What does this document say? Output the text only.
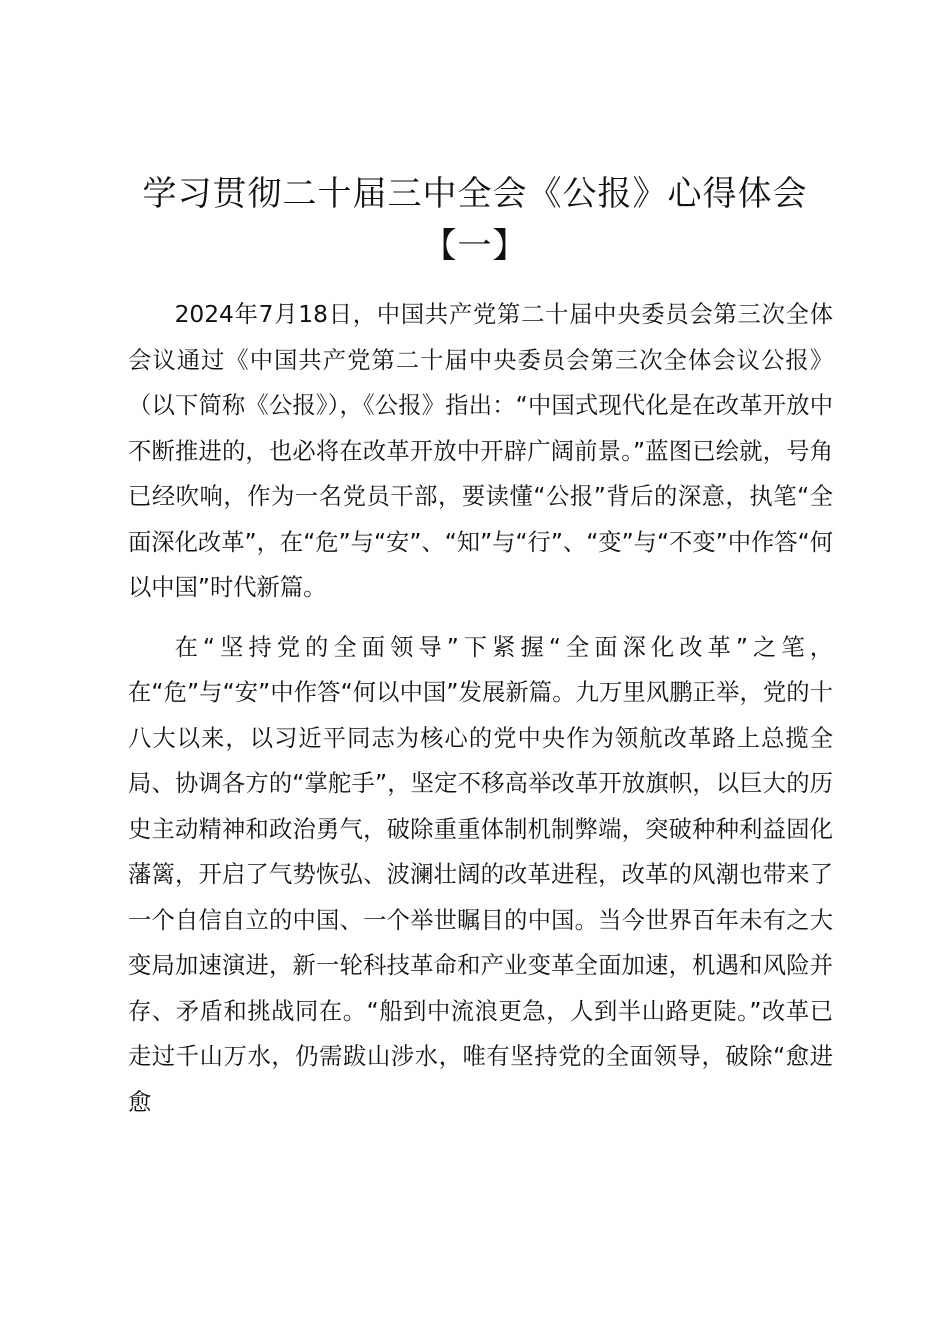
学习贯彻二十届三中全会《公报》心得体会
【一】

2024年7月18日，中国共产党第二十届中央委员会第三次全体会议通过《中国共产党第二十届中央委员会第三次全体会议公报》（以下简称《公报》），《公报》指出：“中国式现代化是在改革开放中不断推进的，也必将在改革开放中开辟广阔前景。”蓝图已绘就，号角已经吹响，作为一名党员干部，要读懂“公报”背后的深意，执笔“全面深化改革”，在“危”与“安”、“知”与“行”、“变”与“不变”中作答“何以中国”时代新篇。

在“坚持党的全面领导”下紧握“全面深化改革”之笔，在“危”与“安”中作答“何以中国”发展新篇。九万里风鹏正举，党的十八大以来，以习近平同志为核心的党中央作为领航改革路上总揽全局、协调各方的“掌舵手”，坚定不移高举改革开放旗帜，以巨大的历史主动精神和政治勇气，破除重重体制机制弊端，突破种种利益固化藩篱，开启了气势恢弘、波澜壮阔的改革进程，改革的风潮也带来了一个自信自立的中国、一个举世瞩目的中国。当今世界百年未有之大变局加速演进，新一轮科技革命和产业变革全面加速，机遇和风险并存、矛盾和挑战同在。“船到中流浪更急，人到半山路更陡。”改革已走过千山万水，仍需跋山涉水，唯有坚持党的全面领导，破除“愈进愈
